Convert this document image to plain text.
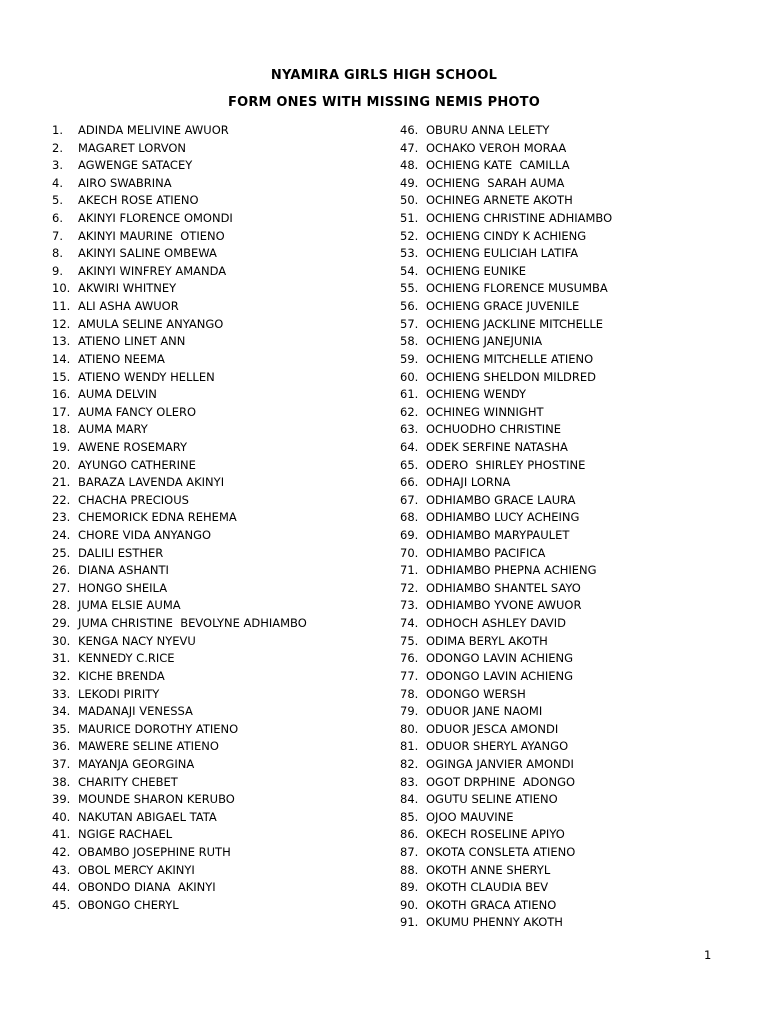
NYAMIRA GIRLS HIGH SCHOOL
FORM ONES WITH MISSING NEMIS PHOTO
1.	ADINDA MELIVINE AWUOR
2.	MAGARET LORVON
3.	AGWENGE SATACEY
4.	AIRO SWABRINA
5.	AKECH ROSE ATIENO
6.	AKINYI FLORENCE OMONDI
7.	AKINYI MAURINE  OTIENO
8.	AKINYI SALINE OMBEWA
9.	AKINYI WINFREY AMANDA
10. AKWIRI WHITNEY
11. ALI ASHA AWUOR
12. AMULA SELINE ANYANGO
13. ATIENO LINET ANN
14. ATIENO NEEMA
15. ATIENO WENDY HELLEN
16. AUMA DELVIN
17. AUMA FANCY OLERO
18. AUMA MARY
19. AWENE ROSEMARY
20. AYUNGO CATHERINE
21. BARAZA LAVENDA AKINYI
22. CHACHA PRECIOUS
23. CHEMORICK EDNA REHEMA
24. CHORE VIDA ANYANGO
25. DALILI ESTHER
26. DIANA ASHANTI
27. HONGO SHEILA
28. JUMA ELSIE AUMA
29. JUMA CHRISTINE  BEVOLYNE ADHIAMBO
30. KENGA NACY NYEVU
31. KENNEDY C.RICE
32. KICHE BRENDA
33. LEKODI PIRITY
34. MADANAJI VENESSA
35. MAURICE DOROTHY ATIENO
36. MAWERE SELINE ATIENO
37. MAYANJA GEORGINA
38. CHARITY CHEBET
39. MOUNDE SHARON KERUBO
40. NAKUTAN ABIGAEL TATA
41. NGIGE RACHAEL
42. OBAMBO JOSEPHINE RUTH
43. OBOL MERCY AKINYI
44. OBONDO DIANA  AKINYI
45. OBONGO CHERYL
46. OBURU ANNA LELETY
47. OCHAKO VEROH MORAA
48. OCHIENG KATE  CAMILLA
49. OCHIENG  SARAH AUMA
50. OCHINEG ARNETE AKOTH
51. OCHIENG CHRISTINE ADHIAMBO
52. OCHIENG CINDY K ACHIENG
53. OCHIENG EULICIAH LATIFA
54. OCHIENG EUNIKE
55. OCHIENG FLORENCE MUSUMBA
56. OCHIENG GRACE JUVENILE
57. OCHIENG JACKLINE MITCHELLE
58. OCHIENG JANEJUNIA
59. OCHIENG MITCHELLE ATIENO
60. OCHIENG SHELDON MILDRED
61. OCHIENG WENDY
62. OCHINEG WINNIGHT
63. OCHUODHO CHRISTINE
64. ODEK SERFINE NATASHA
65. ODERO  SHIRLEY PHOSTINE
66. ODHAJI LORNA
67. ODHIAMBO GRACE LAURA
68. ODHIAMBO LUCY ACHEING
69. ODHIAMBO MARYPAULET
70. ODHIAMBO PACIFICA
71. ODHIAMBO PHEPNA ACHIENG
72. ODHIAMBO SHANTEL SAYO
73. ODHIAMBO YVONE AWUOR
74. ODHOCH ASHLEY DAVID
75. ODIMA BERYL AKOTH
76. ODONGO LAVIN ACHIENG
77. ODONGO LAVIN ACHIENG
78. ODONGO WERSH
79. ODUOR JANE NAOMI
80. ODUOR JESCA AMONDI
81. ODUOR SHERYL AYANGO
82. OGINGA JANVIER AMONDI
83. OGOT DRPHINE  ADONGO
84. OGUTU SELINE ATIENO
85. OJOO MAUVINE
86. OKECH ROSELINE APIYO
87. OKOTA CONSLETA ATIENO
88. OKOTH ANNE SHERYL
89. OKOTH CLAUDIA BEV
90. OKOTH GRACA ATIENO
91. OKUMU PHENNY AKOTH
1
